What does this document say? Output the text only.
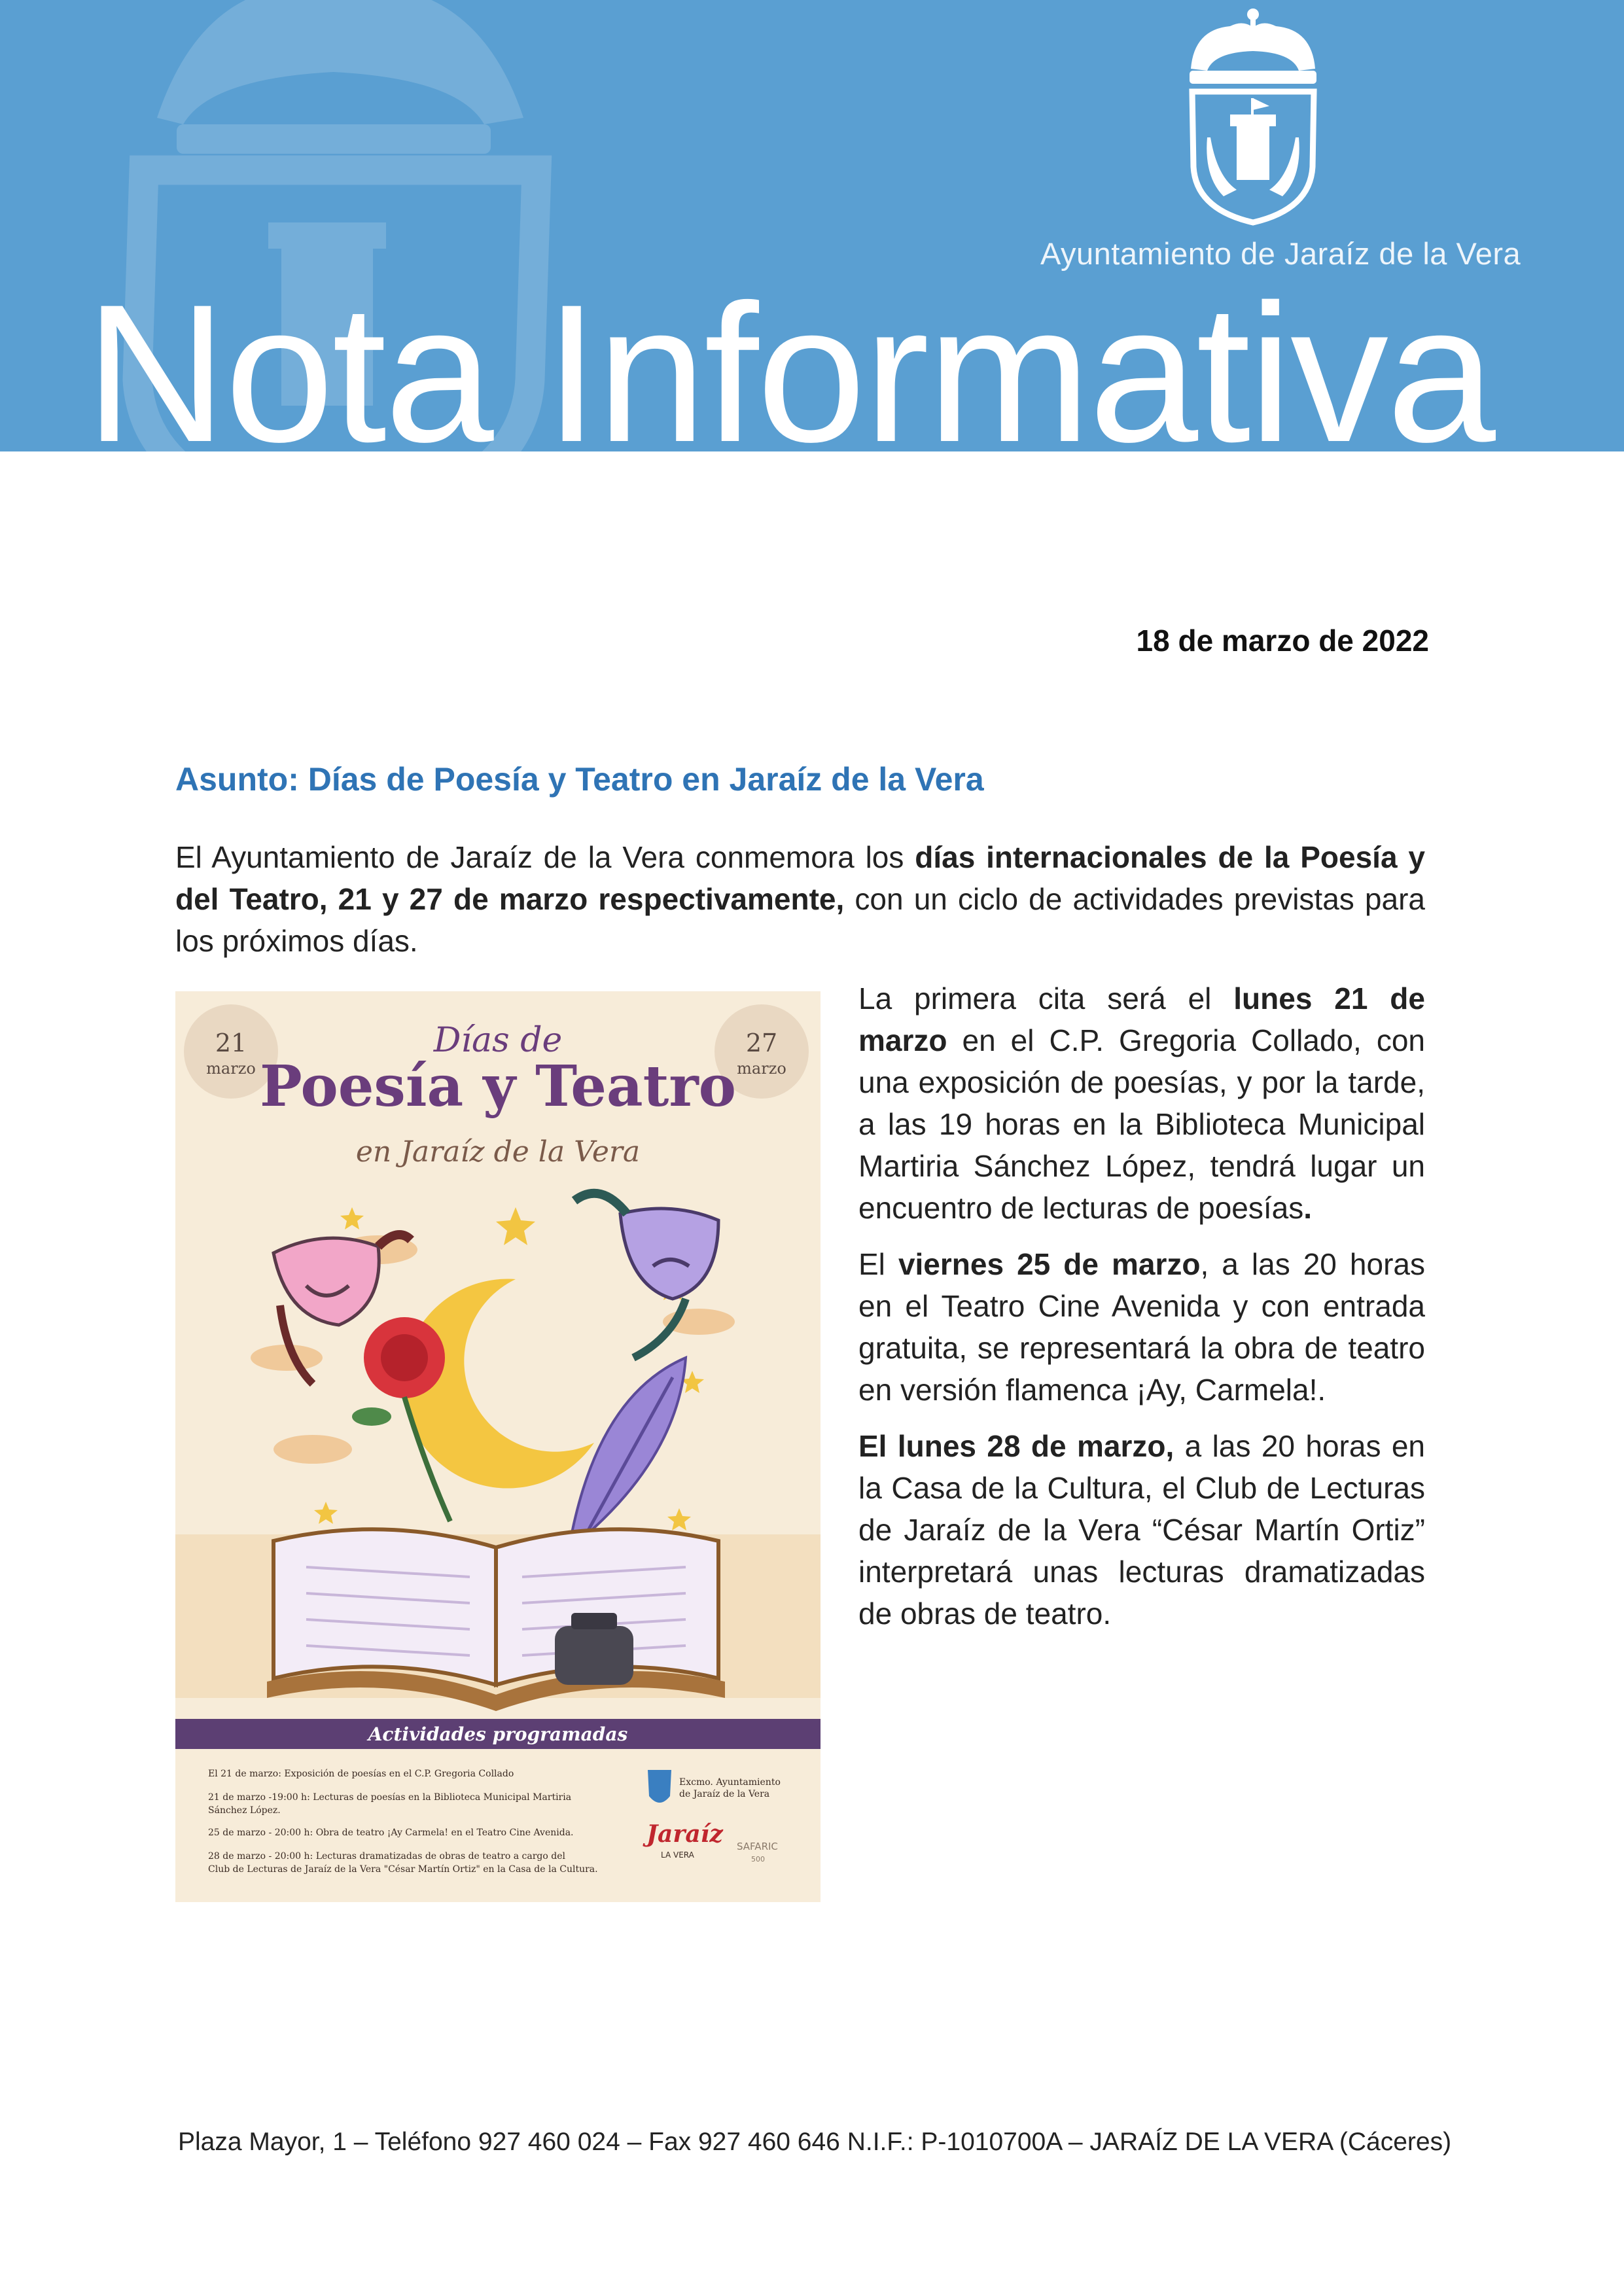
Ayuntamiento de Jaraíz de la Vera
Nota Informativa
18 de marzo de 2022
Asunto: Días de Poesía y Teatro en Jaraíz de la Vera
El Ayuntamiento de Jaraíz de la Vera conmemora los días internacionales de la Poesía y del Teatro, 21 y 27 de marzo respectivamente, con un ciclo de actividades previstas para los próximos días.

La primera cita será el lunes 21 de marzo en el C.P. Gregoria Collado, con una exposición de poesías, y por la tarde, a las 19 horas en la Biblioteca Municipal Martiria Sánchez López, tendrá lugar un encuentro de lecturas de poesías.

El viernes 25 de marzo, a las 20 horas en el Teatro Cine Avenida y con entrada gratuita, se representará la obra de teatro en versión flamenca ¡Ay, Carmela!.

El lunes 28 de marzo, a las 20 horas en la Casa de la Cultura, el Club de Lecturas de Jaraíz de la Vera “César Martín Ortiz” interpretará unas lecturas dramatizadas de obras de teatro.

21
marzo
27
marzo
Días de
Poesía y Teatro
en Jaraíz de la Vera
Actividades programadas
El 21 de marzo: Exposición de poesías en el C.P. Gregoria Collado
21 de marzo -19:00 h: Lecturas de poesías en la Biblioteca Municipal Martiria
Sánchez López.
25 de marzo - 20:00 h: Obra de teatro ¡Ay Carmela! en el Teatro Cine Avenida.
28 de marzo - 20:00 h: Lecturas dramatizadas de obras de teatro a cargo del
Club de Lecturas de Jaraíz de la Vera "César Martín Ortiz" en la Casa de la Cultura.
Excmo. Ayuntamiento
de Jaraíz de la Vera
Jaraíz
LA VERA
SAFARIC
500
Plaza Mayor, 1 – Teléfono 927 460 024 – Fax 927 460 646 N.I.F.: P-1010700A – JARAÍZ DE LA VERA (Cáceres)
